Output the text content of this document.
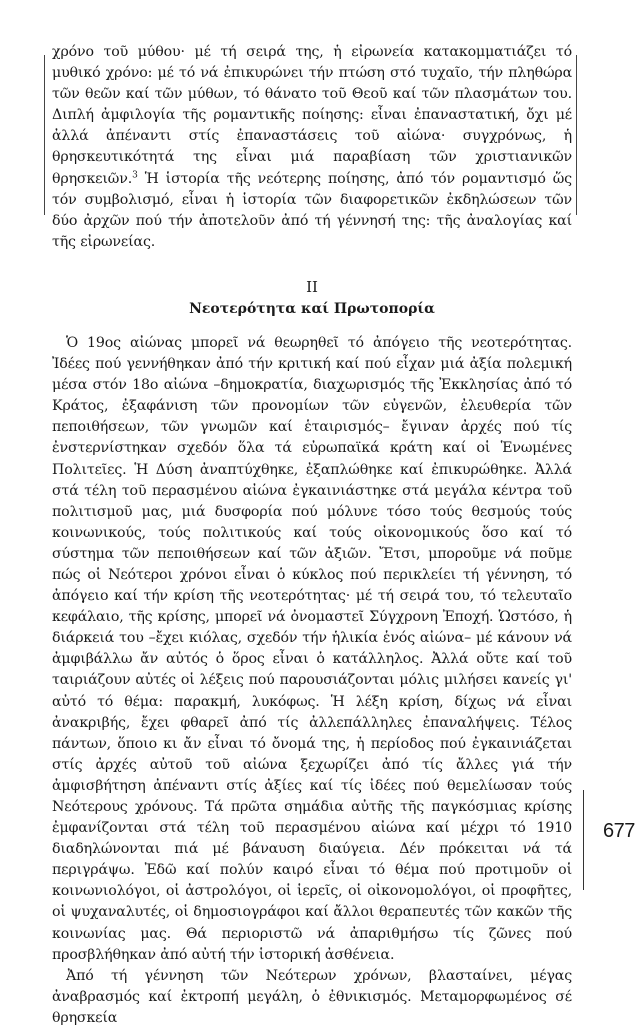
χρόνο τοῦ μύθου· μέ τή σειρά της, ἡ εἰρωνεία κατακομματιάζει τό μυθικό χρόνο: μέ τό νά ἐπικυρώνει τήν πτώση στό τυχαῖο, τήν πληθώρα τῶν θεῶν καί τῶν μύθων, τό θάνατο τοῦ Θεοῦ καί τῶν πλασμάτων του. Διπλή ἀμφιλογία τῆς ρομαντικῆς ποίησης: εἶναι ἐπαναστατική, ὄχι μέ ἀλλά ἀπέναντι στίς ἐπαναστάσεις τοῦ αἰώνα· συγχρόνως, ἡ θρησκευτικότητά της εἶναι μιά παραβίαση τῶν χριστιανικῶν θρησκειῶν.$^3$ Ἡ ἱστορία τῆς νεότερης ποίησης, ἀπό τόν ρομαντισμό ὥς τόν συμβολισμό, εἶναι ἡ ἱστορία τῶν διαφορετικῶν ἐκδηλώσεων τῶν δύο ἀρχῶν πού τήν ἀποτελοῦν ἀπό τή γέννησή της: τῆς ἀναλογίας καί τῆς εἰρωνείας.

II
Νεοτερότητα καί Πρωτοπορία

Ὁ 19ος αἰώνας μπορεῖ νά θεωρηθεῖ τό ἀπόγειο τῆς νεοτερότητας. Ἰδέες πού γεννήθηκαν ἀπό τήν κριτική καί πού εἶχαν μιά ἀξία πολεμική μέσα στόν 18ο αἰώνα –δημοκρατία, διαχωρισμός τῆς Ἐκκλησίας ἀπό τό Κράτος, ἐξαφάνιση τῶν προνομίων τῶν εὐγενῶν, ἐλευθερία τῶν πεποιθήσεων, τῶν γνωμῶν καί ἑταιρισμός– ἔγιναν ἀρχές πού τίς ἐνστερνίστηκαν σχεδόν ὅλα τά εὐρωπαϊκά κράτη καί οἱ Ἑνωμένες Πολιτεῖες. Ἡ Δύση ἀναπτύχθηκε, ἐξαπλώθηκε καί ἐπικυρώθηκε. Ἀλλά στά τέλη τοῦ περασμένου αἰώνα ἐγκαινιάστηκε στά μεγάλα κέντρα τοῦ πολιτισμοῦ μας, μιά δυσφορία πού μόλυνε τόσο τούς θεσμούς τούς κοινωνικούς, τούς πολιτικούς καί τούς οἰκονομικούς ὅσο καί τό σύστημα τῶν πεποιθήσεων καί τῶν ἀξιῶν. Ἔτσι, μποροῦμε νά ποῦμε πώς οἱ Νεότεροι χρόνοι εἶναι ὁ κύκλος πού περικλείει τή γέννηση, τό ἀπόγειο καί τήν κρίση τῆς νεοτερότητας· μέ τή σειρά του, τό τελευταῖο κεφάλαιο, τῆς κρίσης, μπορεῖ νά ὀνομαστεῖ Σύγχρονη Ἐποχή. Ὡστόσο, ἡ διάρκειά του –ἔχει κιόλας, σχεδόν τήν ἡλικία ἑνός αἰώνα– μέ κάνουν νά ἀμφιβάλλω ἄν αὐτός ὁ ὅρος εἶναι ὁ κατάλληλος. Ἀλλά οὔτε καί τοῦ ταιριάζουν αὐτές οἱ λέξεις πού παρουσιάζονται μόλις μιλήσει κανείς γι' αὐτό τό θέμα: παρακμή, λυκόφως. Ἡ λέξη κρίση, δίχως νά εἶναι ἀνακριβής, ἔχει φθαρεῖ ἀπό τίς ἀλλεπάλληλες ἐπαναλήψεις. Τέλος πάντων, ὅποιο κι ἄν εἶναι τό ὄνομά της, ἡ περίοδος πού ἐγκαινιάζεται στίς ἀρχές αὐτοῦ τοῦ αἰώνα ξεχωρίζει ἀπό τίς ἄλλες γιά τήν ἀμφισβήτηση ἀπέναντι στίς ἀξίες καί τίς ἰδέες πού θεμελίωσαν τούς Νεότερους χρόνους. Τά πρῶτα σημάδια αὐτῆς τῆς παγκόσμιας κρίσης ἐμφανίζονται στά τέλη τοῦ περασμένου αἰώνα καί μέχρι τό 1910 διαδηλώνονται πιά μέ βάναυση διαύγεια. Δέν πρόκειται νά τά περιγράψω. Ἐδῶ καί πολύν καιρό εἶναι τό θέμα πού προτιμοῦν οἱ κοινωνιολόγοι, οἱ ἀστρολόγοι, οἱ ἱερεῖς, οἱ οἰκονομολόγοι, οἱ προφῆτες, οἱ ψυχαναλυτές, οἱ δημοσιογράφοι καί ἄλλοι θεραπευτές τῶν κακῶν τῆς κοινωνίας μας. Θά περιοριστῶ νά ἀπαριθμήσω τίς ζῶνες πού προσβλήθηκαν ἀπό αὐτή τήν ἱστορική ἀσθένεια.

Ἀπό τή γέννηση τῶν Νεότερων χρόνων, βλασταίνει, μέγας ἀναβρασμός καί ἐκτροπή μεγάλη, ὁ ἐθνικισμός. Μεταμορφωμένος σέ θρησκεία

677
